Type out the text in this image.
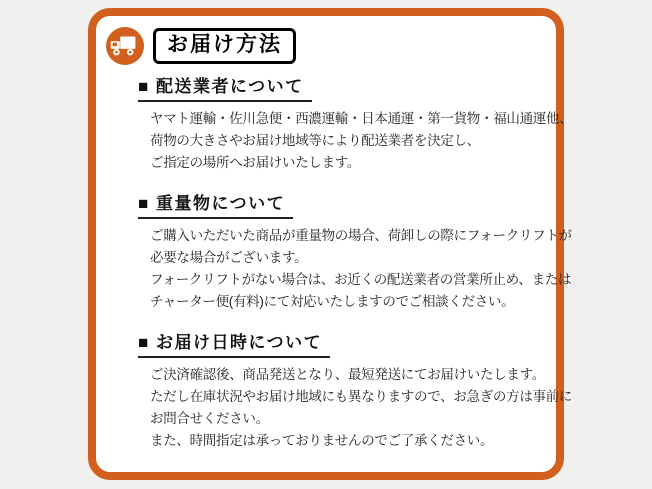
お届け方法
■ 配送業者について

ヤマト運輸・佐川急便・西濃運輸・日本通運・第一貨物・福山通運他、

荷物の大きさやお届け地域等により配送業者を決定し、

ご指定の場所へお届けいたします。

■ 重量物について

ご購入いただいた商品が重量物の場合、荷卸しの際にフォークリフトが

必要な場合がございます。

フォークリフトがない場合は、お近くの配送業者の営業所止め、または

チャーター便(有料)にて対応いたしますのでご相談ください。

■ お届け日時について

ご決済確認後、商品発送となり、最短発送にてお届けいたします。

ただし在庫状況やお届け地域にも異なりますので、お急ぎの方は事前に

お問合せください。

また、時間指定は承っておりませんのでご了承ください。
